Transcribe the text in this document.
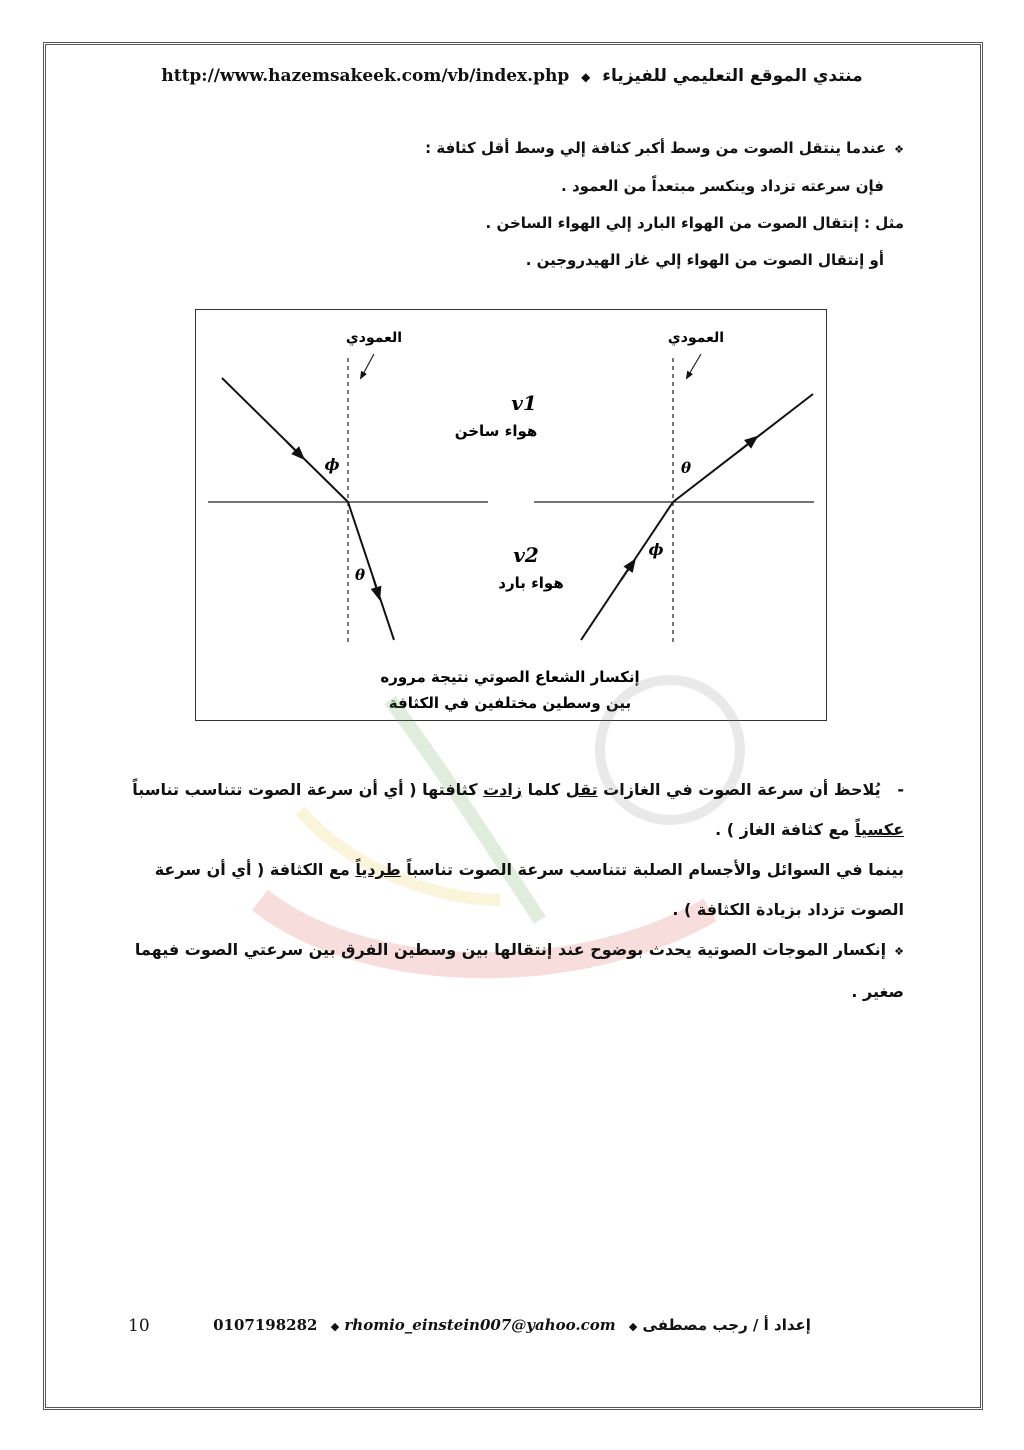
منتدي الموقع التعليمي للفيزياء ◆ http://www.hazemsakeek.com/vb/index.php

❖عندما ينتقل الصوت من وسط أكبر كثافة إلي وسط أقل كثافة :

فإن سرعته تزداد وينكسر مبتعداً من العمود .

مثل : إنتقال الصوت من الهواء البارد إلي الهواء الساخن .

أو إنتقال الصوت من الهواء إلي غاز الهيدروجين .

العمودي	العمودي
v1
هواء ساخن
v2
هواء بارد
ϕ
θ
θ
ϕ
إنكسار الشعاع الصوتي نتيجة مروره
بين وسطين مختلفين في الكثافة

-   يُلاحظ أن سرعة الصوت في الغازات تقل كلما زادت كثافتها ( أي أن سرعة الصوت تتناسب تناسباً عكسياً مع كثافة الغاز ) .

بينما في السوائل والأجسام الصلبة تتناسب سرعة الصوت تناسباً طردياً مع الكثافة ( أي أن سرعة الصوت تزداد بزيادة الكثافة ) .

❖إنكسار الموجات الصوتية يحدث بوضوح عند إنتقالها بين وسطين الفرق بين سرعتي الصوت فيهما صغير .

10	إعداد أ / رجب مصطفى ◆ 0107198282 ◆ rhomio_einstein007@yahoo.com
